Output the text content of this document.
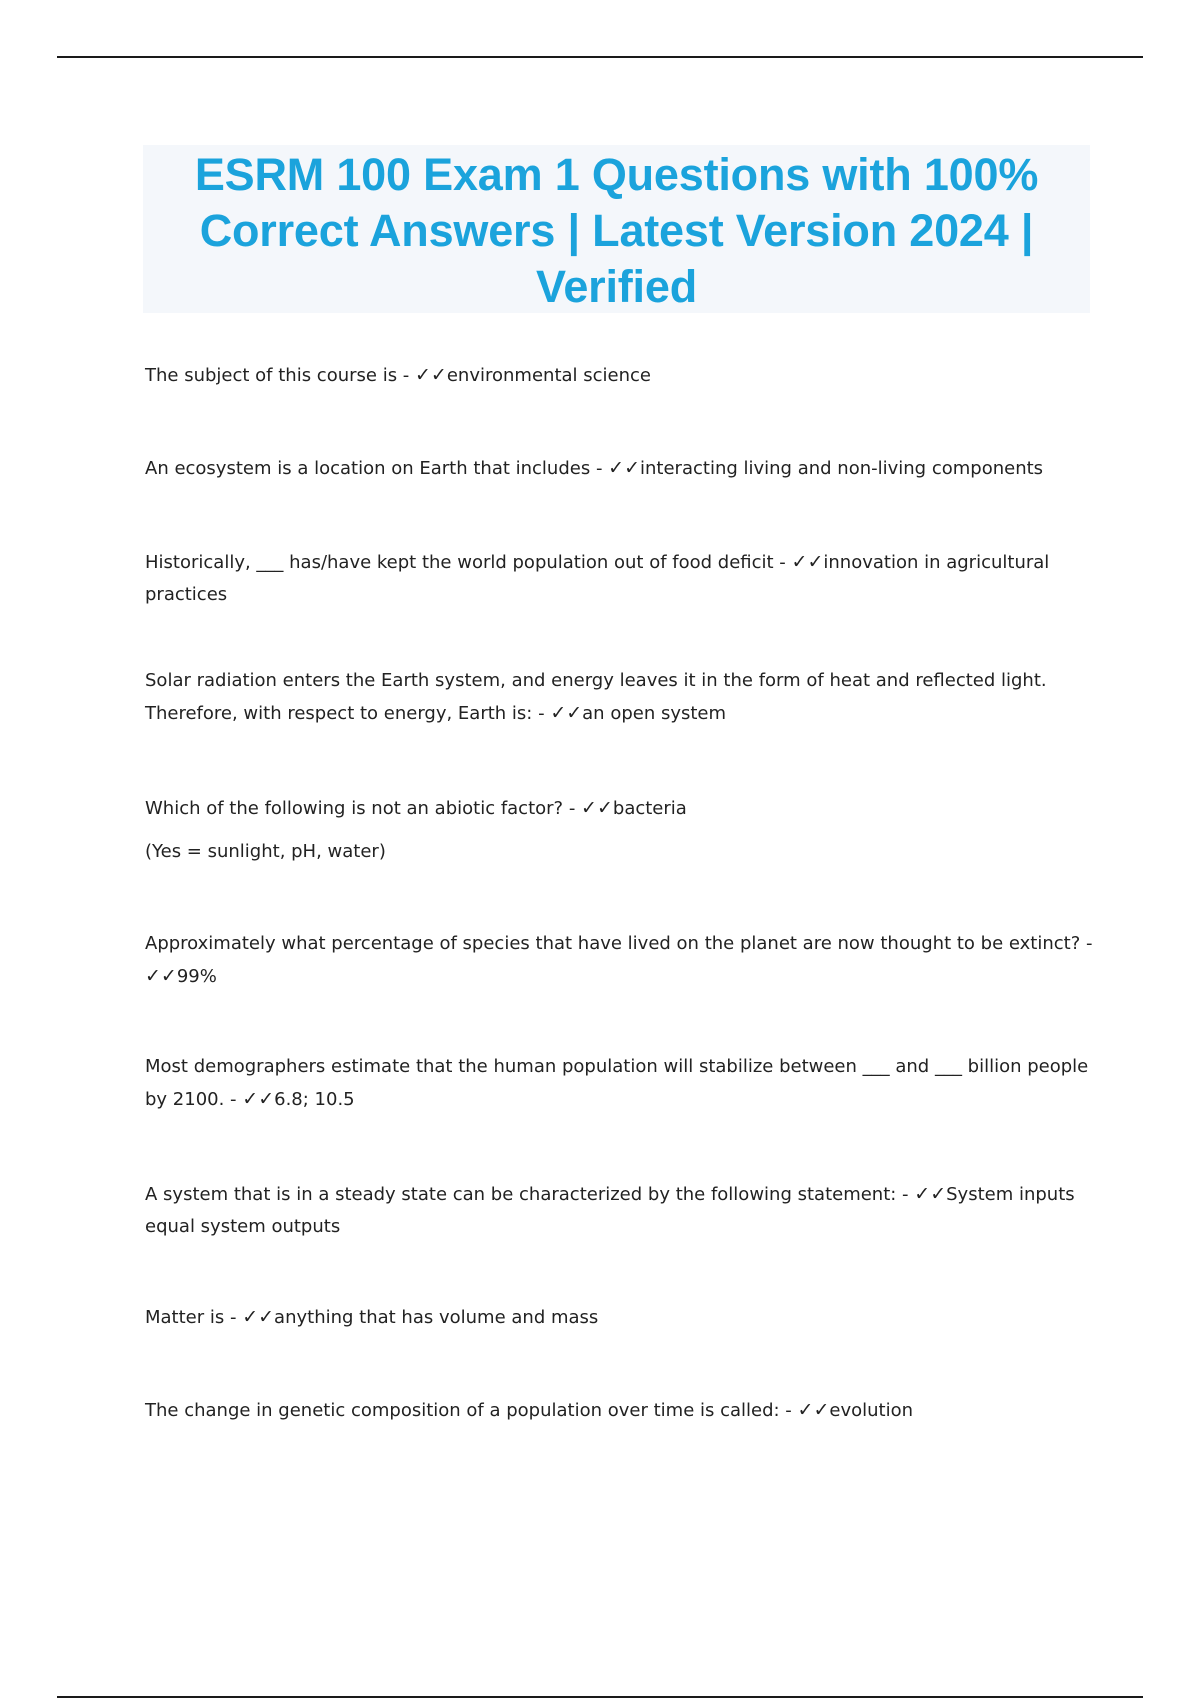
ESRM 100 Exam 1 Questions with 100% Correct Answers | Latest Version 2024 | Verified

The subject of this course is - ✓✓environmental science

An ecosystem is a location on Earth that includes - ✓✓interacting living and non-living components

Historically, ___ has/have kept the world population out of food deficit - ✓✓innovation in agricultural practices

Solar radiation enters the Earth system, and energy leaves it in the form of heat and reflected light. Therefore, with respect to energy, Earth is: - ✓✓an open system

Which of the following is not an abiotic factor? - ✓✓bacteria

(Yes = sunlight, pH, water)

Approximately what percentage of species that have lived on the planet are now thought to be extinct? - ✓✓99%

Most demographers estimate that the human population will stabilize between ___ and ___ billion people by 2100. - ✓✓6.8; 10.5

A system that is in a steady state can be characterized by the following statement: - ✓✓System inputs equal system outputs

Matter is - ✓✓anything that has volume and mass

The change in genetic composition of a population over time is called: - ✓✓evolution
